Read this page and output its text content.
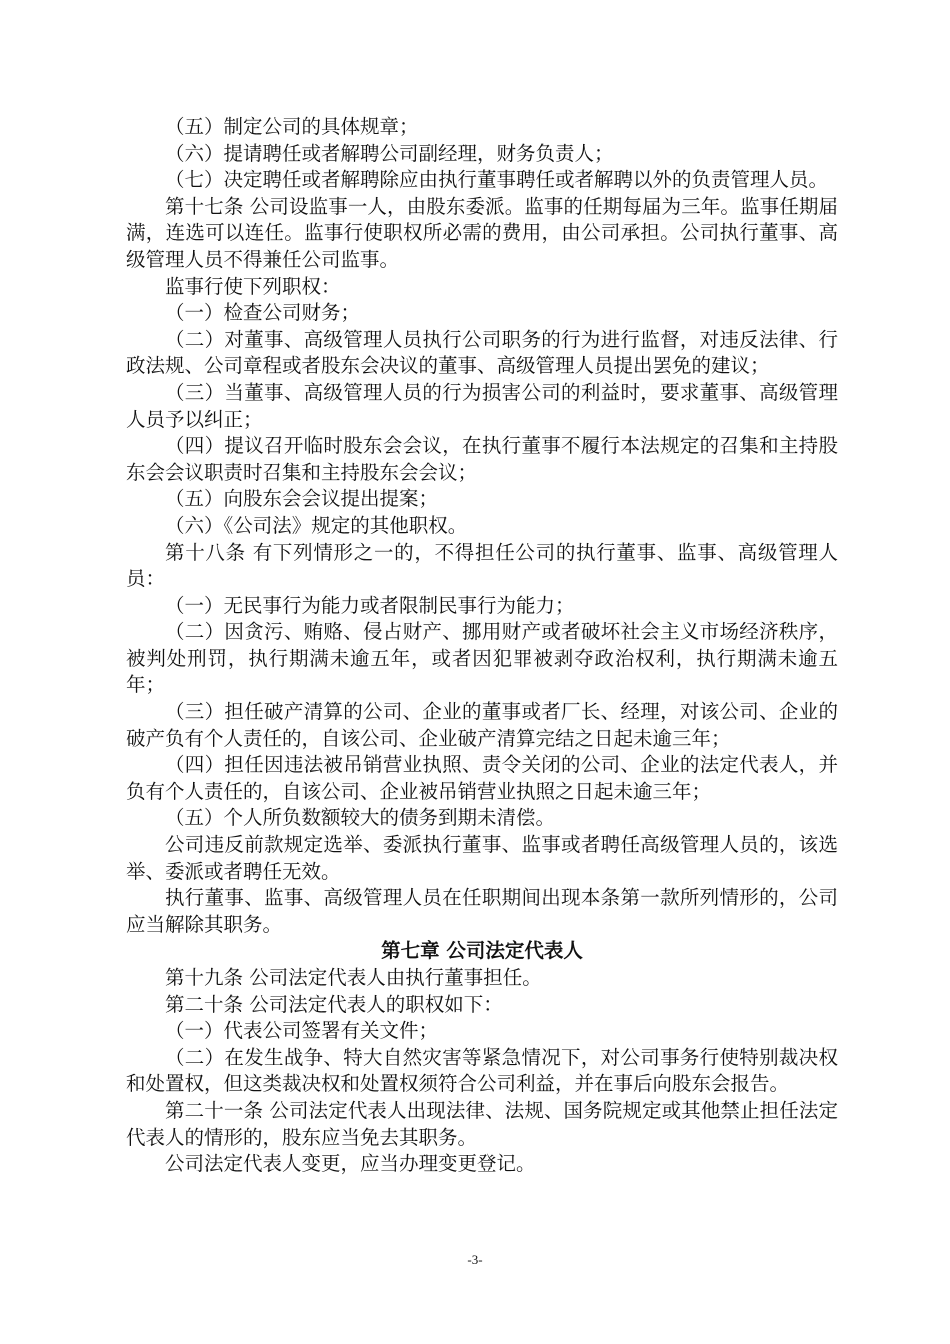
（五）制定公司的具体规章；

（六）提请聘任或者解聘公司副经理，财务负责人；

（七）决定聘任或者解聘除应由执行董事聘任或者解聘以外的负责管理人员。

第十七条 公司设监事一人，由股东委派。监事的任期每届为三年。监事任期届满，连选可以连任。监事行使职权所必需的费用，由公司承担。公司执行董事、高级管理人员不得兼任公司监事。

监事行使下列职权：

（一）检查公司财务；

（二）对董事、高级管理人员执行公司职务的行为进行监督，对违反法律、行政法规、公司章程或者股东会决议的董事、高级管理人员提出罢免的建议；

（三）当董事、高级管理人员的行为损害公司的利益时，要求董事、高级管理人员予以纠正；

（四）提议召开临时股东会会议，在执行董事不履行本法规定的召集和主持股东会会议职责时召集和主持股东会会议；

（五）向股东会会议提出提案；

（六）《公司法》规定的其他职权。

第十八条 有下列情形之一的，不得担任公司的执行董事、监事、高级管理人员：

（一）无民事行为能力或者限制民事行为能力；

（二）因贪污、贿赂、侵占财产、挪用财产或者破坏社会主义市场经济秩序，被判处刑罚，执行期满未逾五年，或者因犯罪被剥夺政治权利，执行期满未逾五年；

（三）担任破产清算的公司、企业的董事或者厂长、经理，对该公司、企业的破产负有个人责任的，自该公司、企业破产清算完结之日起未逾三年；

（四）担任因违法被吊销营业执照、责令关闭的公司、企业的法定代表人，并负有个人责任的，自该公司、企业被吊销营业执照之日起未逾三年；

（五）个人所负数额较大的债务到期未清偿。

公司违反前款规定选举、委派执行董事、监事或者聘任高级管理人员的，该选举、委派或者聘任无效。

执行董事、监事、高级管理人员在任职期间出现本条第一款所列情形的，公司应当解除其职务。

第七章 公司法定代表人

第十九条 公司法定代表人由执行董事担任。

第二十条 公司法定代表人的职权如下：

（一）代表公司签署有关文件；

（二）在发生战争、特大自然灾害等紧急情况下，对公司事务行使特别裁决权和处置权，但这类裁决权和处置权须符合公司利益，并在事后向股东会报告。

第二十一条 公司法定代表人出现法律、法规、国务院规定或其他禁止担任法定代表人的情形的，股东应当免去其职务。

公司法定代表人变更，应当办理变更登记。

-3-
